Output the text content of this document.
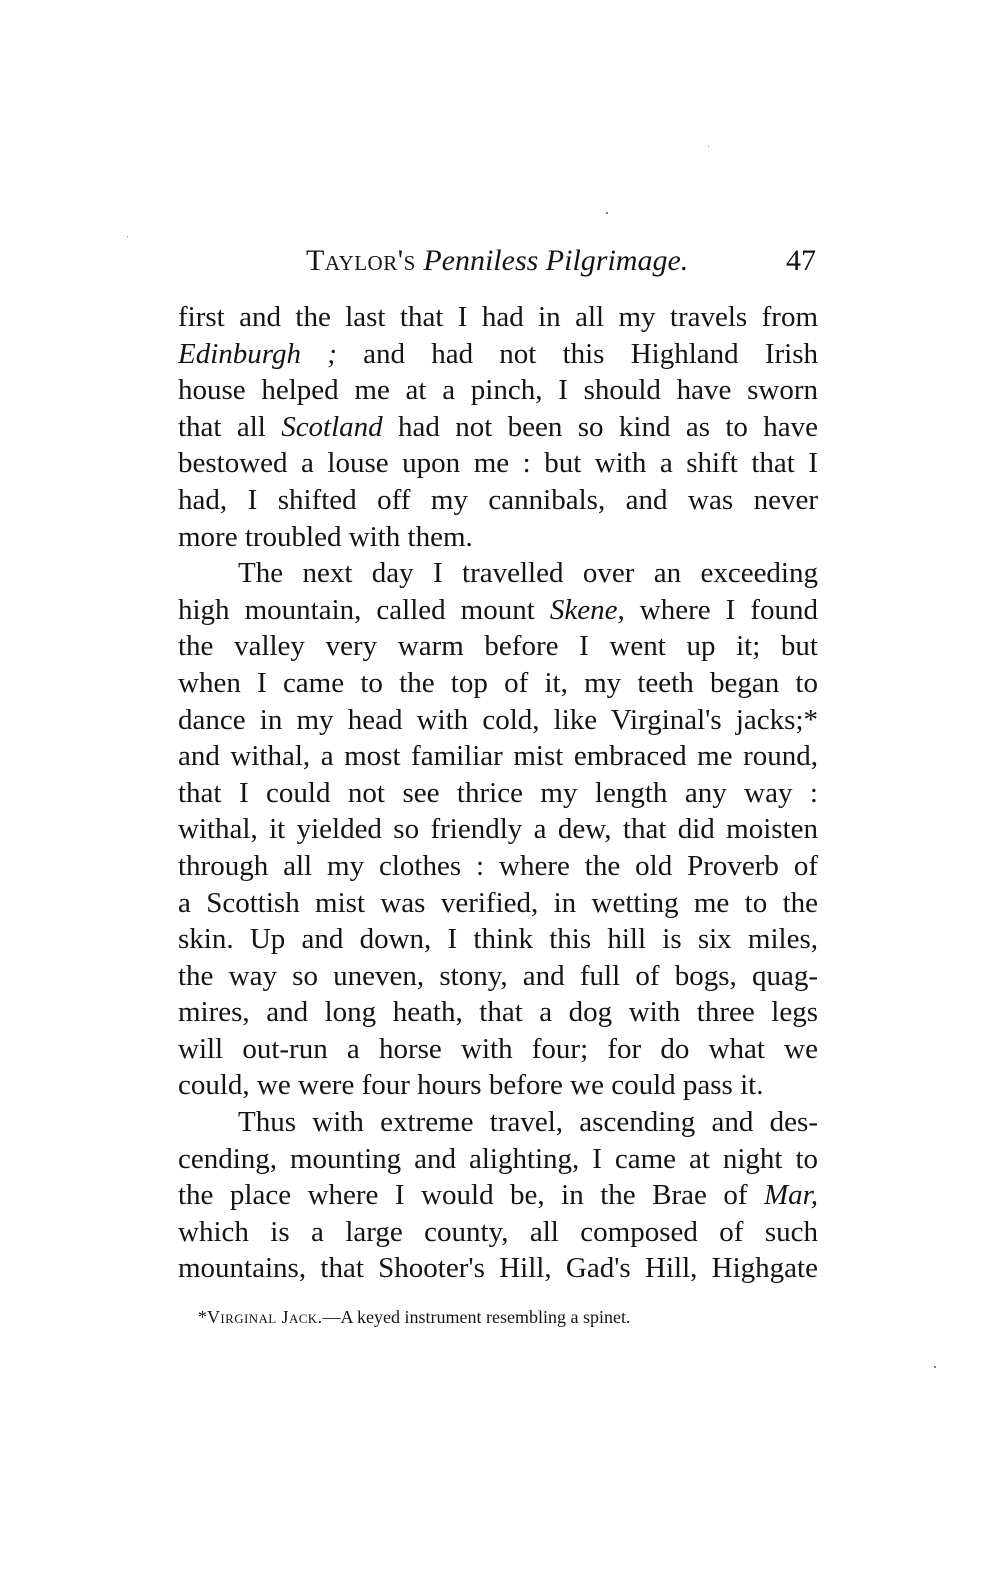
Taylor's Penniless Pilgrimage.	47
first and the last that I had in all my travels from
Edinburgh ; and had not this Highland Irish
house helped me at a pinch, I should have sworn
that all Scotland had not been so kind as to have
bestowed a louse upon me : but with a shift that I
had, I shifted off my cannibals, and was never
more troubled with them.
The next day I travelled over an exceeding
high mountain, called mount Skene, where I found
the valley very warm before I went up it; but
when I came to the top of it, my teeth began to
dance in my head with cold, like Virginal's jacks;*
and withal, a most familiar mist embraced me round,
that I could not see thrice my length any way :
withal, it yielded so friendly a dew, that did moisten
through all my clothes : where the old Proverb of
a Scottish mist was verified, in wetting me to the
skin. Up and down, I think this hill is six miles,
the way so uneven, stony, and full of bogs, quag-
mires, and long heath, that a dog with three legs
will out-run a horse with four; for do what we
could, we were four hours before we could pass it.
Thus with extreme travel, ascending and des-
cending, mounting and alighting, I came at night to
the place where I would be, in the Brae of Mar,
which is a large county, all composed of such
mountains, that Shooter's Hill, Gad's Hill, Highgate
*Virginal Jack.—A keyed instrument resembling a spinet.
